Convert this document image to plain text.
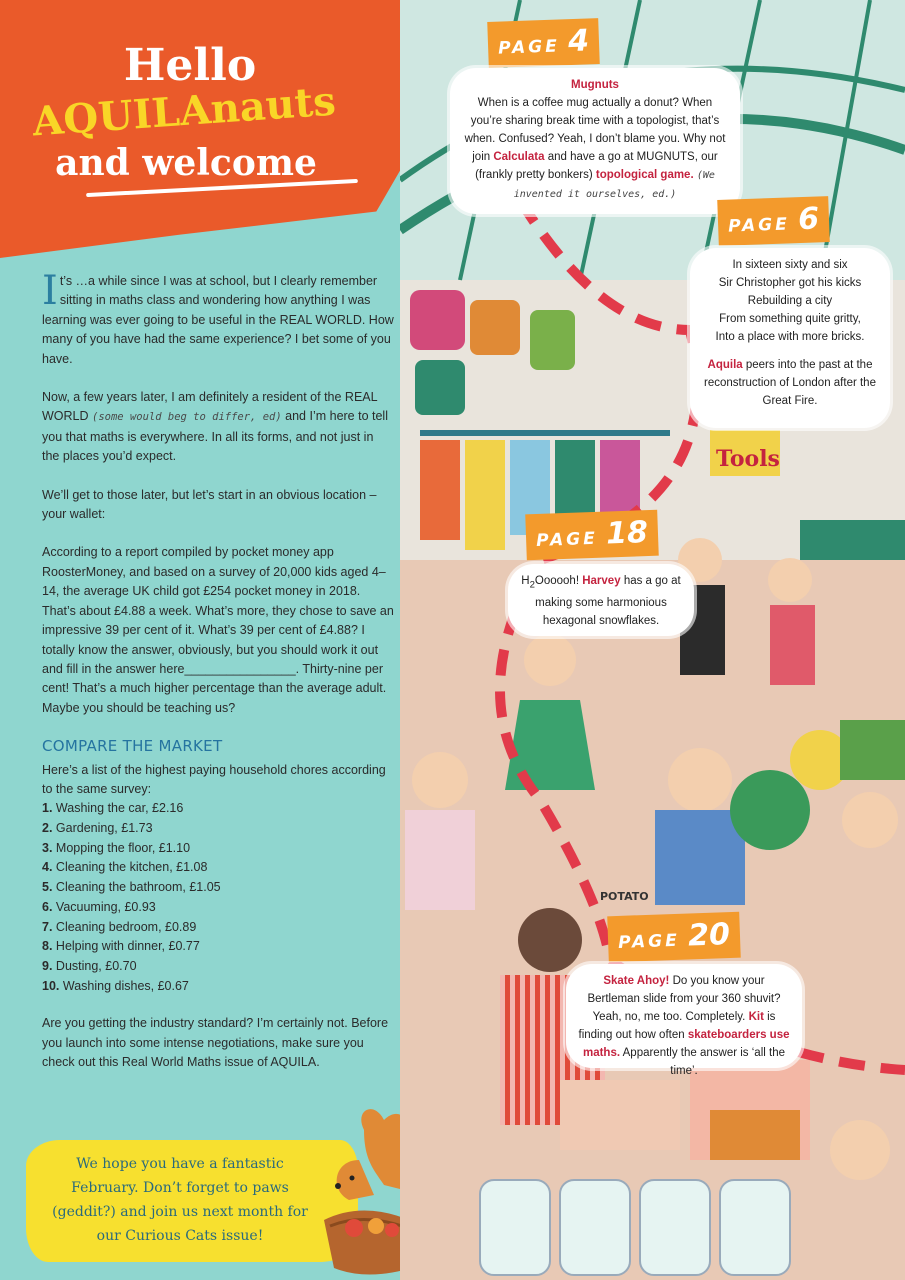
Hello
AQUILAnauts
and welcome

It’s …a while since I was at school, but I clearly remember sitting in maths class and wondering how anything I was learning was ever going to be useful in the REAL WORLD. How many of you have had the same experience? I bet some of you have.

Now, a few years later, I am definitely a resident of the REAL WORLD (some would beg to differ, ed) and I’m here to tell you that maths is everywhere. In all its forms, and not just in the places you’d expect.

We’ll get to those later, but let’s start in an obvious location – your wallet:

According to a report compiled by pocket money app RoosterMoney, and based on a survey of 20,000 kids aged 4–14, the average UK child got £254 pocket money in 2018. That’s about £4.88 a week. What’s more, they chose to save an impressive 39 per cent of it. What’s 39 per cent of £4.88? I totally know the answer, obviously, but you should work it out and fill in the answer here________________. Thirty-nine per cent! That’s a much higher percentage than the average adult. Maybe you should be teaching us?

COMPARE THE MARKET
Here’s a list of the highest paying household chores according to the same survey:
1. Washing the car, £2.16
2. Gardening, £1.73
3. Mopping the floor, £1.10
4. Cleaning the kitchen, £1.08
5. Cleaning the bathroom, £1.05
6. Vacuuming, £0.93
7. Cleaning bedroom, £0.89
8. Helping with dinner, £0.77
9. Dusting, £0.70
10. Washing dishes, £0.67

Are you getting the industry standard? I’m certainly not. Before you launch into some intense negotiations, make sure you check out this Real World Maths issue of AQUILA.

We hope you have a fantastic
February. Don’t forget to paws
(geddit?) and join us next month for
our Curious Cats issue!
Tools
POTATO
PAGE 4
Mugnuts
When is a coffee mug actually a donut? When you’re sharing break time with a topologist, that’s when. Confused? Yeah, I don’t blame you. Why not join Calculata and have a go at MUGNUTS, our (frankly pretty bonkers) topological game. (We invented it ourselves, ed.)
PAGE 6
In sixteen sixty and six
Sir Christopher got his kicks
Rebuilding a city
From something quite gritty,
Into a place with more bricks.
Aquila peers into the past at the reconstruction of London after the Great Fire.
PAGE 18
$H_2Oooooh$! Harvey has a go at making some harmonious hexagonal snowflakes.
PAGE 20
Skate Ahoy! Do you know your Bertleman slide from your 360 shuvit? Yeah, no, me too. Completely. Kit is finding out how often skateboarders use maths. Apparently the answer is ‘all the time’.
